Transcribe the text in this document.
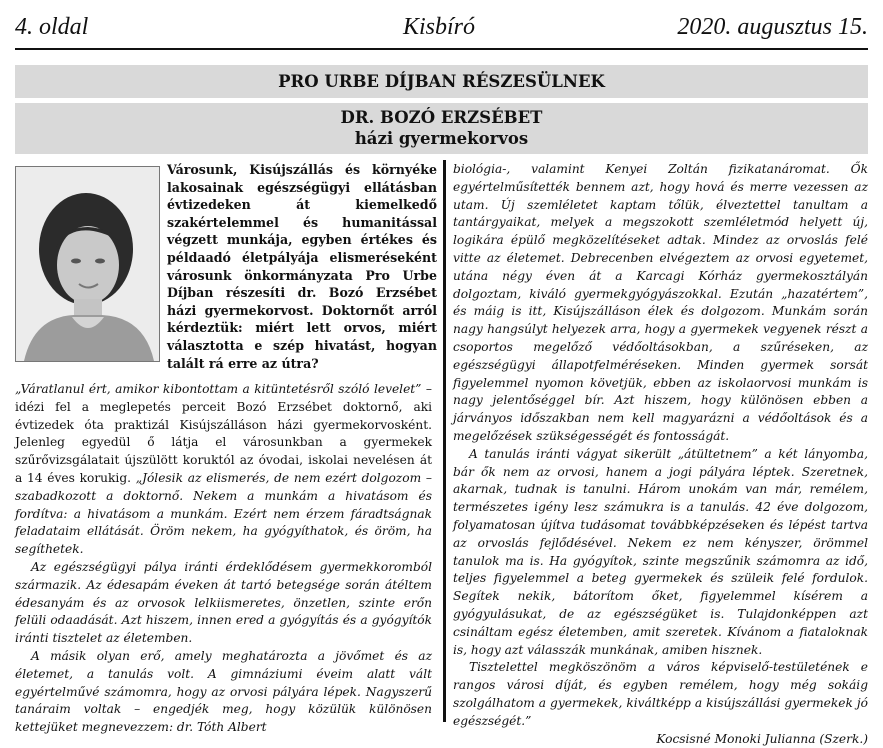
4. oldal	Kisbíró	2020. augusztus 15.
PRO URBE DÍJBAN RÉSZESÜLNEK
DR. BOZÓ ERZSÉBET
házi gyermekorvos
Városunk, Kisújszállás és környéke lakosainak egészségügyi ellátásban évtizedeken át kiemelkedő szakértelemmel és humanitással végzett munkája, egyben értékes és példaadó életpályája elismeréseként városunk önkormányzata Pro Urbe Díjban részesíti dr. Bozó Erzsébet házi gyermekorvost. Doktornőt arról kérdeztük: miért lett orvos, miért választotta e szép hivatást, hogyan talált rá erre az útra?

„Váratlanul ért, amikor kibontottam a kitüntetésről szóló levelet” – idézi fel a meglepetés perceit Bozó Erzsébet doktornő, aki évtizedek óta praktizál Kisújszálláson házi gyermekorvosként. Jelenleg egyedül ő látja el városunkban a gyermekek szűrővizsgálatait újszülött koruktól az óvodai, iskolai nevelésen át a 14 éves korukig. „Jólesik az elismerés, de nem ezért dolgozom – szabadkozott a doktornő. Nekem a munkám a hivatásom és fordítva: a hivatásom a munkám. Ezért nem érzem fáradtságnak feladataim ellátását. Öröm nekem, ha gyógyíthatok, és öröm, ha segíthetek.

Az egészségügyi pálya iránti érdeklődésem gyermekkoromból származik. Az édesapám éveken át tartó betegsége során átéltem édesanyám és az orvosok lelkiismeretes, önzetlen, szinte erőn felüli odaadását. Azt hiszem, innen ered a gyógyítás és a gyógyítók iránti tisztelet az életemben.

A másik olyan erő, amely meghatározta a jövőmet és az életemet, a tanulás volt. A gimnáziumi éveim alatt vált egyértelművé számomra, hogy az orvosi pályára lépek. Nagyszerű tanáraim voltak – engedjék meg, hogy közülük különösen kettejüket megnevezzem: dr. Tóth Albert

biológia-, valamint Kenyei Zoltán fizikatanáromat. Ők egyértelműsítették bennem azt, hogy hová és merre vezessen az utam. Új szemléletet kaptam tőlük, élveztettel tanultam a tantárgyaikat, melyek a megszokott szemléletmód helyett új, logikára épülő megközelítéseket adtak. Mindez az orvoslás felé vitte az életemet. Debrecenben elvégeztem az orvosi egyetemet, utána négy éven át a Karcagi Kórház gyermekosztályán dolgoztam, kiváló gyermekgyógyászokkal. Ezután „hazatértem”, és máig is itt, Kisújszálláson élek és dolgozom. Munkám során nagy hangsúlyt helyezek arra, hogy a gyermekek vegyenek részt a csoportos megelőző védőoltásokban, a szűréseken, az egészségügyi állapotfelméréseken. Minden gyermek sorsát figyelemmel nyomon követjük, ebben az iskolaorvosi munkám is nagy jelentőséggel bír. Azt hiszem, hogy különösen ebben a járványos időszakban nem kell magyarázni a védőoltások és a megelőzések szükségességét és fontosságát.

A tanulás iránti vágyat sikerült „átültetnem” a két lányomba, bár ők nem az orvosi, hanem a jogi pályára léptek. Szeretnek, akarnak, tudnak is tanulni. Három unokám van már, remélem, természetes igény lesz számukra is a tanulás. 42 éve dolgozom, folyamatosan újítva tudásomat továbbképzéseken és lépést tartva az orvoslás fejlődésével. Nekem ez nem kényszer, örömmel tanulok ma is. Ha gyógyítok, szinte megszűnik számomra az idő, teljes figyelemmel a beteg gyermekek és szüleik felé fordulok. Segítek nekik, bátorítom őket, figyelemmel kísérem a gyógyulásukat, de az egészségüket is. Tulajdonképpen azt csináltam egész életemben, amit szeretek. Kívánom a fiataloknak is, hogy azt válasszák munkának, amiben hisznek.

Tisztelettel megköszönöm a város képviselő-testületének e rangos városi díját, és egyben remélem, hogy még sokáig szolgálhatom a gyermekek, kiváltképp a kisújszállási gyermekek jó egészségét.”

Kocsisné Monoki Julianna (Szerk.)
